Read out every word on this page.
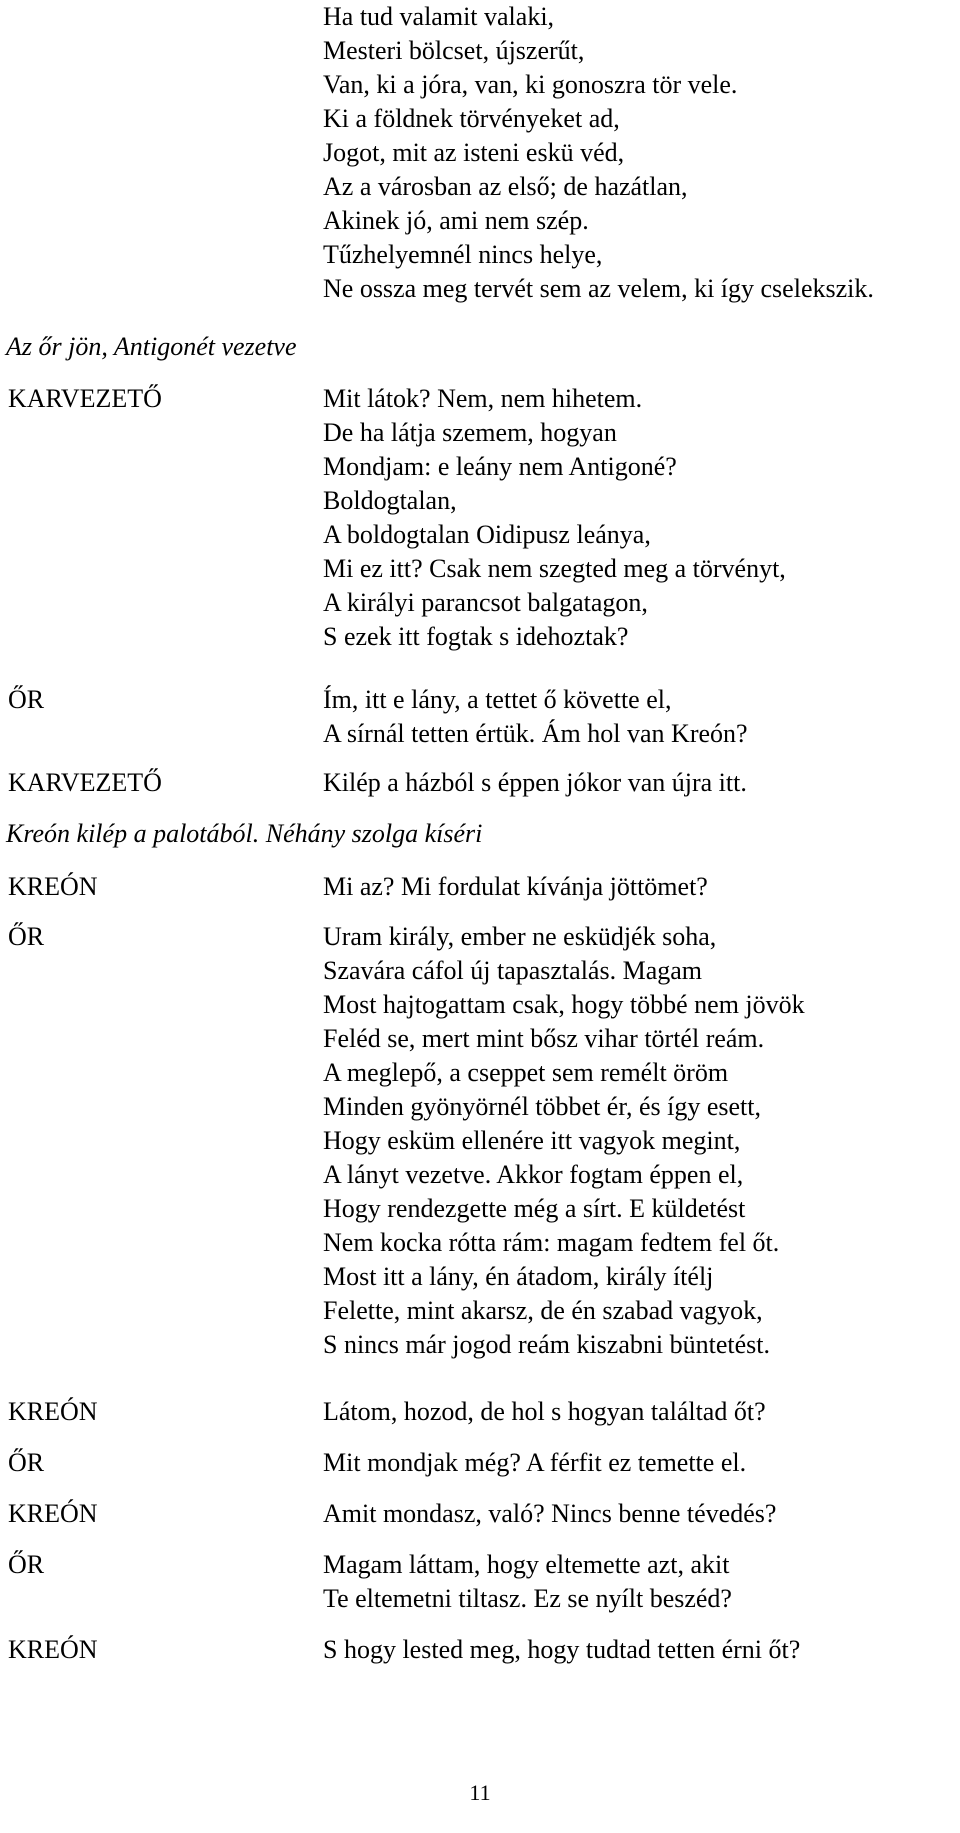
Ha tud valamit valaki,
Mesteri bölcset, újszerűt,
Van, ki a jóra, van, ki gonoszra tör vele.
Ki a földnek törvényeket ad,
Jogot, mit az isteni eskü véd,
Az a városban az első; de hazátlan,
Akinek jó, ami nem szép.
Tűzhelyemnél nincs helye,
Ne ossza meg tervét sem az velem, ki így cselekszik.
Az őr jön, Antigonét vezetve
KARVEZETŐ	Mit látok? Nem, nem hihetem.
De ha látja szemem, hogyan
Mondjam: e leány nem Antigoné?
Boldogtalan,
A boldogtalan Oidipusz leánya,
Mi ez itt? Csak nem szegted meg a törvényt,
A királyi parancsot balgatagon,
S ezek itt fogtak s idehoztak?
ŐR	Ím, itt e lány, a tettet ő követte el,
A sírnál tetten értük. Ám hol van Kreón?
KARVEZETŐ	Kilép a házból s éppen jókor van újra itt.
Kreón kilép a palotából. Néhány szolga kíséri
KREÓN	Mi az? Mi fordulat kívánja jöttömet?
ŐR	Uram király, ember ne esküdjék soha,
Szavára cáfol új tapasztalás. Magam
Most hajtogattam csak, hogy többé nem jövök
Feléd se, mert mint bősz vihar törtél reám.
A meglepő, a cseppet sem remélt öröm
Minden gyönyörnél többet ér, és így esett,
Hogy esküm ellenére itt vagyok megint,
A lányt vezetve. Akkor fogtam éppen el,
Hogy rendezgette még a sírt. E küldetést
Nem kocka rótta rám: magam fedtem fel őt.
Most itt a lány, én átadom, király ítélj
Felette, mint akarsz, de én szabad vagyok,
S nincs már jogod reám kiszabni büntetést.
KREÓN	Látom, hozod, de hol s hogyan találtad őt?
ŐR	Mit mondjak még? A férfit ez temette el.
KREÓN	Amit mondasz, való? Nincs benne tévedés?
ŐR	Magam láttam, hogy eltemette azt, akit
Te eltemetni tiltasz. Ez se nyílt beszéd?
KREÓN	S hogy lested meg, hogy tudtad tetten érni őt?
11
